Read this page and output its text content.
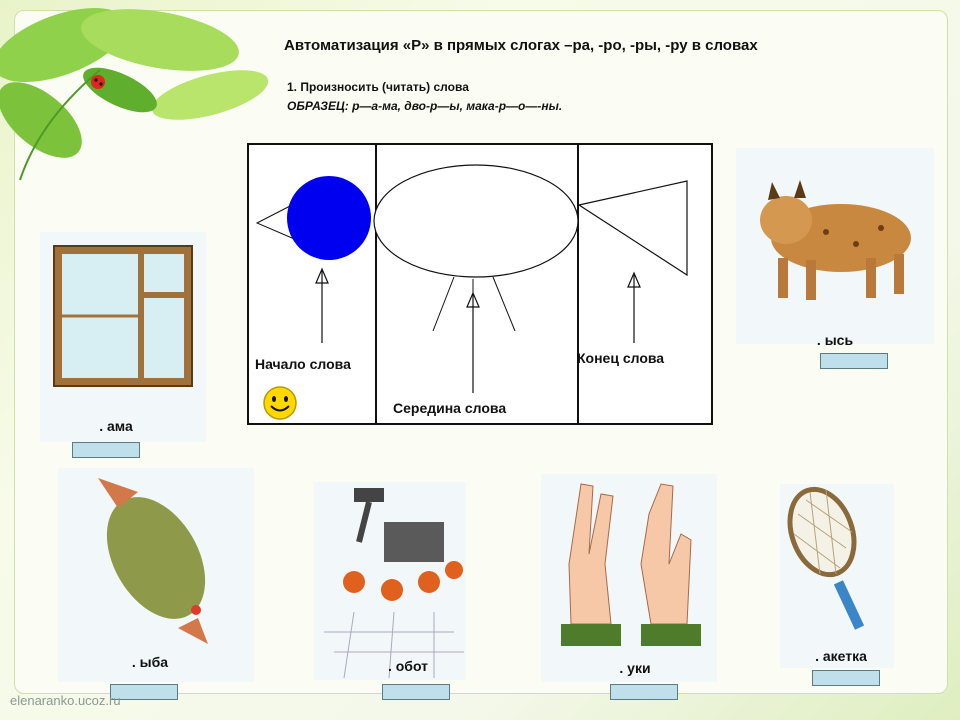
Автоматизация «Р» в прямых слогах –ра, -ро, -ры, -ру в словах
1. Произносить (читать) слова
ОБРАЗЕЦ: р—а-ма, дво-р—ы, мака-р—о—-ны.
Начало слова
Середина слова
Конец слова
. ама
. ысь
. ыба	. обот	. уки
. акетка
elenaranko.ucoz.ru
